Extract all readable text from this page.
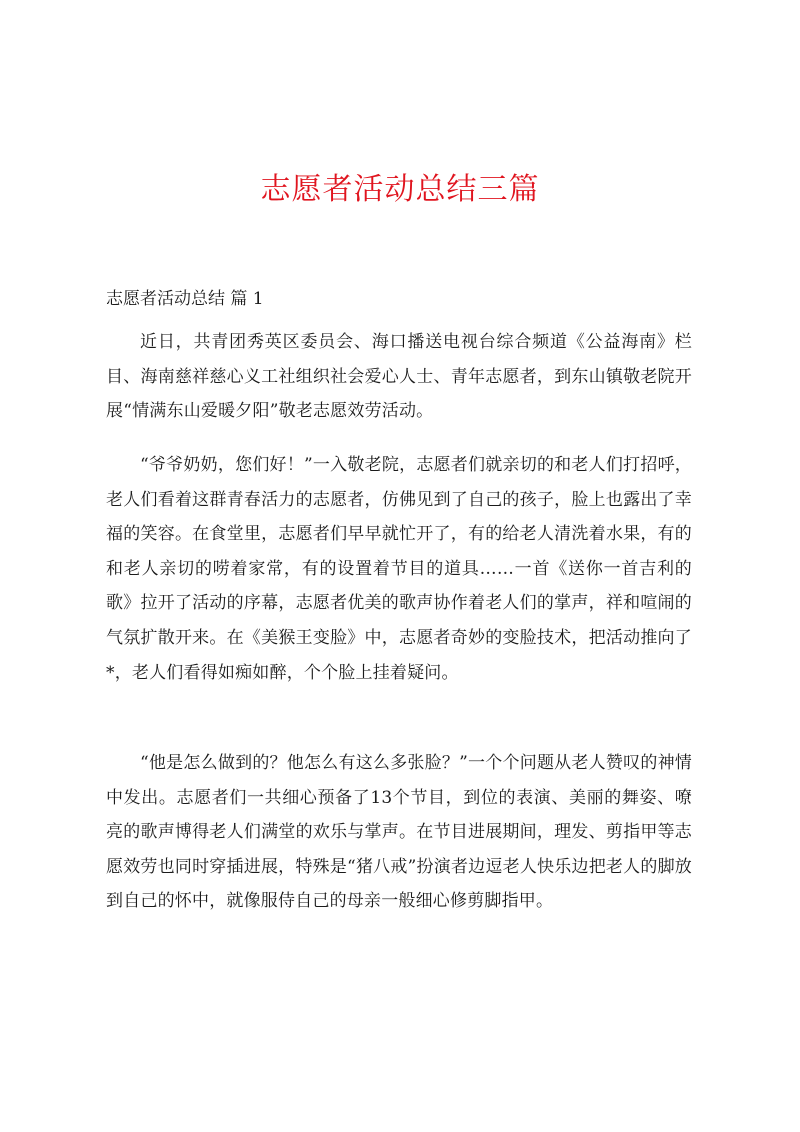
志愿者活动总结三篇
志愿者活动总结 篇 1

近日，共青团秀英区委员会、海口播送电视台综合频道《公益海南》栏目、海南慈祥慈心义工社组织社会爱心人士、青年志愿者，到东山镇敬老院开展“情满东山爱暖夕阳”敬老志愿效劳活动。

“爷爷奶奶，您们好！”一入敬老院，志愿者们就亲切的和老人们打招呼，老人们看着这群青春活力的志愿者，仿佛见到了自己的孩子，脸上也露出了幸福的笑容。在食堂里，志愿者们早早就忙开了，有的给老人清洗着水果，有的和老人亲切的唠着家常，有的设置着节目的道具……一首《送你一首吉利的歌》拉开了活动的序幕，志愿者优美的歌声协作着老人们的掌声，祥和喧闹的气氛扩散开来。在《美猴王变脸》中，志愿者奇妙的变脸技术，把活动推向了*，老人们看得如痴如醉，个个脸上挂着疑问。

“他是怎么做到的？他怎么有这么多张脸？”一个个问题从老人赞叹的神情中发出。志愿者们一共细心预备了13个节目，到位的表演、美丽的舞姿、嘹亮的歌声博得老人们满堂的欢乐与掌声。在节目进展期间，理发、剪指甲等志愿效劳也同时穿插进展，特殊是“猪八戒”扮演者边逗老人快乐边把老人的脚放到自己的怀中，就像服侍自己的母亲一般细心修剪脚指甲。
